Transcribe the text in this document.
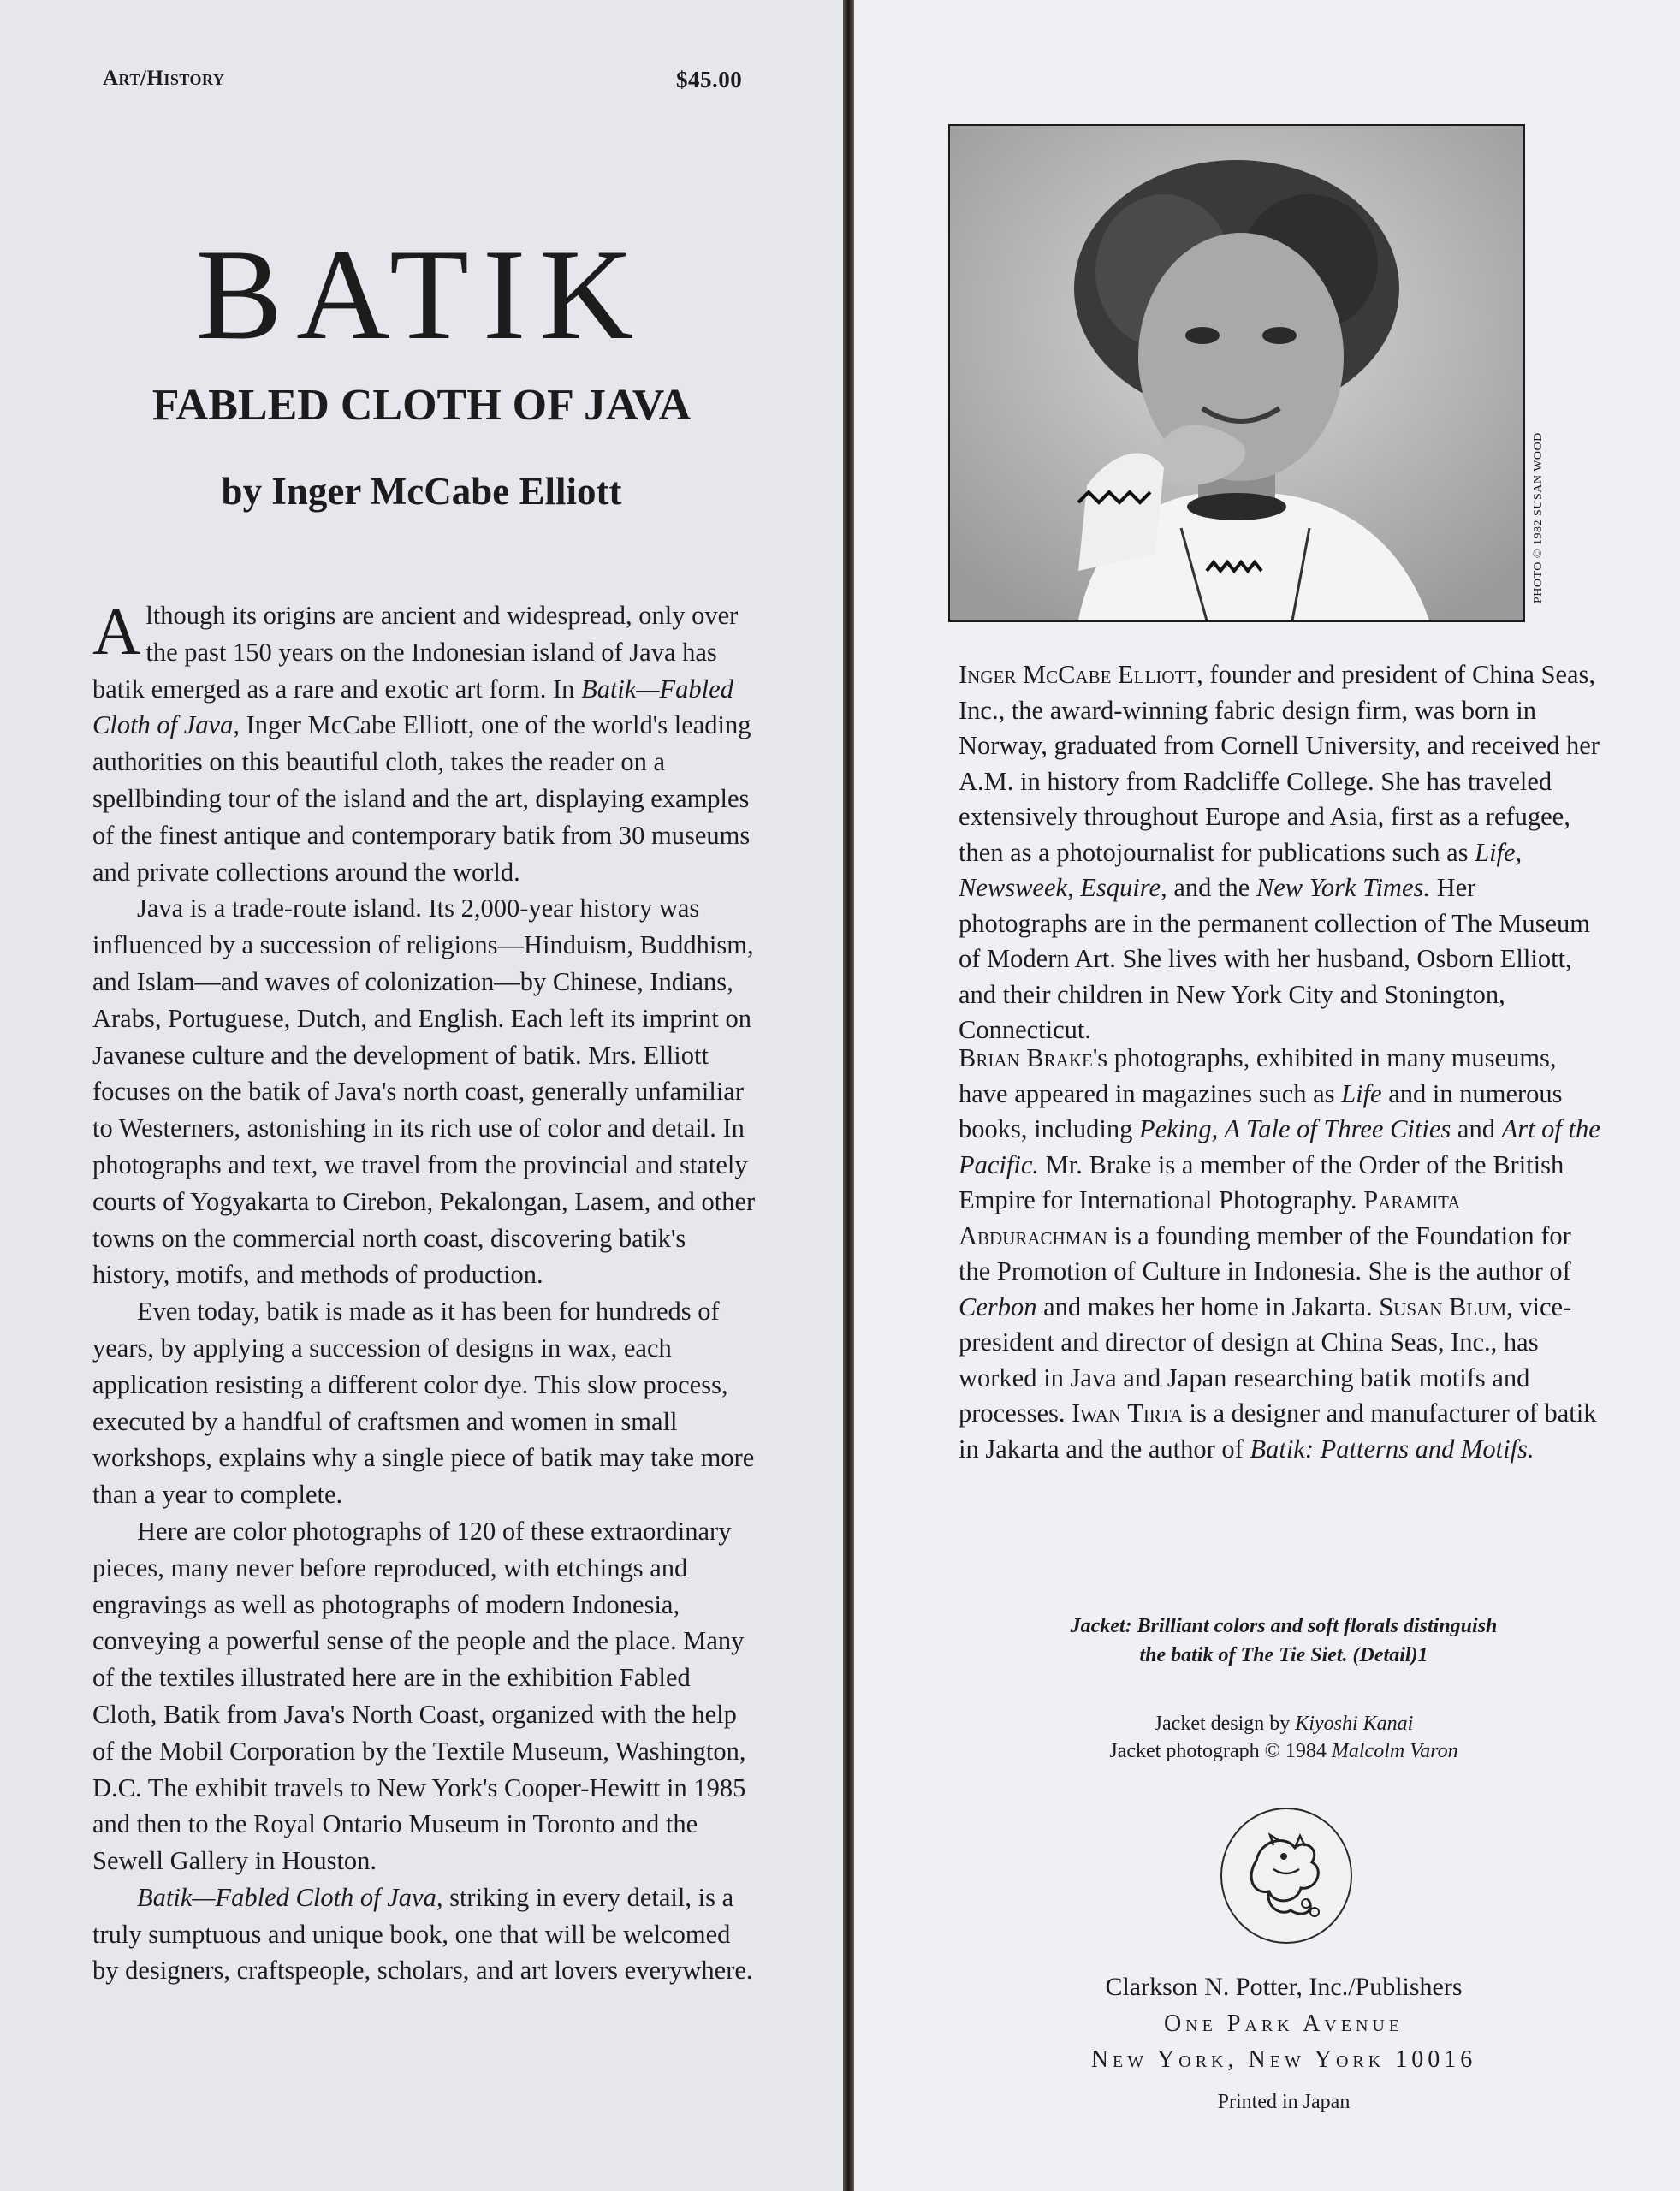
Art/History	$45.00
BATIK
FABLED CLOTH OF JAVA
by Inger McCabe Elliott

Although its origins are ancient and widespread, only over the past 150 years on the Indonesian island of Java has batik emerged as a rare and exotic art form. In Batik—Fabled Cloth of Java, Inger McCabe Elliott, one of the world's leading authorities on this beautiful cloth, takes the reader on a spellbinding tour of the island and the art, displaying examples of the finest antique and contemporary batik from 30 museums and private collections around the world.

Java is a trade-route island. Its 2,000-year history was influenced by a succession of religions—Hinduism, Buddhism, and Islam—and waves of colonization—by Chinese, Indians, Arabs, Portuguese, Dutch, and English. Each left its imprint on Javanese culture and the development of batik. Mrs. Elliott focuses on the batik of Java's north coast, generally unfamiliar to Westerners, astonishing in its rich use of color and detail. In photographs and text, we travel from the provincial and stately courts of Yogyakarta to Cirebon, Pekalongan, Lasem, and other towns on the commercial north coast, discovering batik's history, motifs, and methods of production.

Even today, batik is made as it has been for hundreds of years, by applying a succession of designs in wax, each application resisting a different color dye. This slow process, executed by a handful of craftsmen and women in small workshops, explains why a single piece of batik may take more than a year to complete.

Here are color photographs of 120 of these extraordinary pieces, many never before reproduced, with etchings and engravings as well as photographs of modern Indonesia, conveying a powerful sense of the people and the place. Many of the textiles illustrated here are in the exhibition Fabled Cloth, Batik from Java's North Coast, organized with the help of the Mobil Corporation by the Textile Museum, Washington, D.C. The exhibit travels to New York's Cooper-Hewitt in 1985 and then to the Royal Ontario Museum in Toronto and the Sewell Gallery in Houston.

Batik—Fabled Cloth of Java, striking in every detail, is a truly sumptuous and unique book, one that will be welcomed by designers, craftspeople, scholars, and art lovers everywhere.

PHOTO © 1982 SUSAN WOOD

Inger McCabe Elliott, founder and president of China Seas, Inc., the award-winning fabric design firm, was born in Norway, graduated from Cornell University, and received her A.M. in history from Radcliffe College. She has traveled extensively throughout Europe and Asia, first as a refugee, then as a photojournalist for publications such as Life, Newsweek, Esquire, and the New York Times. Her photographs are in the permanent collection of The Museum of Modern Art. She lives with her husband, Osborn Elliott, and their children in New York City and Stonington, Connecticut.

Brian Brake's photographs, exhibited in many museums, have appeared in magazines such as Life and in numerous books, including Peking, A Tale of Three Cities and Art of the Pacific. Mr. Brake is a member of the Order of the British Empire for International Photography. Paramita Abdurachman is a founding member of the Foundation for the Promotion of Culture in Indonesia. She is the author of Cerbon and makes her home in Jakarta. Susan Blum, vice-president and director of design at China Seas, Inc., has worked in Java and Japan researching batik motifs and processes. Iwan Tirta is a designer and manufacturer of batik in Jakarta and the author of Batik: Patterns and Motifs.

Jacket: Brilliant colors and soft florals distinguish
the batik of The Tie Siet. (Detail)1
Jacket design by Kiyoshi Kanai
Jacket photograph © 1984 Malcolm Varon
Clarkson N. Potter, Inc./Publishers
One Park Avenue
New York, New York 10016
Printed in Japan
